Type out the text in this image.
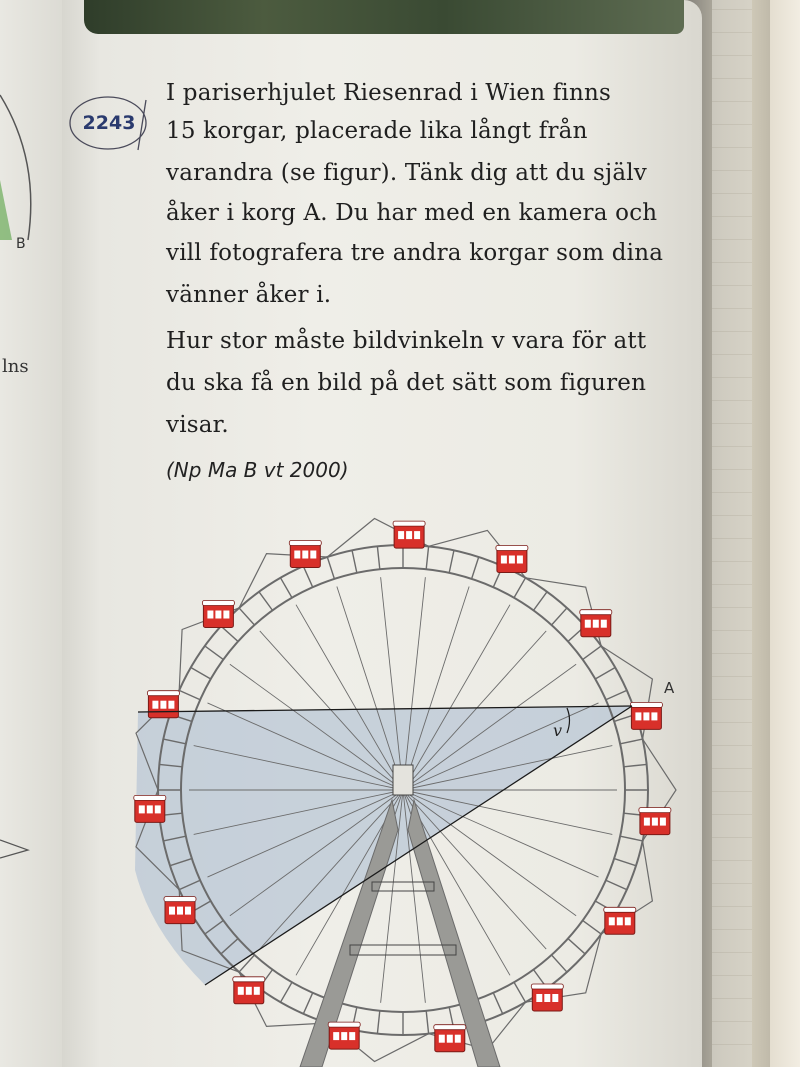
B
lns
2243
I pariserhjulet Riesenrad i Wien finns
15 korgar, placerade lika långt från
varandra (se figur). Tänk dig att du själv
åker i korg A. Du har med en kamera och
vill fotografera tre andra korgar som dina
vänner åker i.
Hur stor måste bildvinkeln v vara för att
du ska få en bild på det sätt som figuren
visar.
(Np Ma B vt 2000)
A
v
